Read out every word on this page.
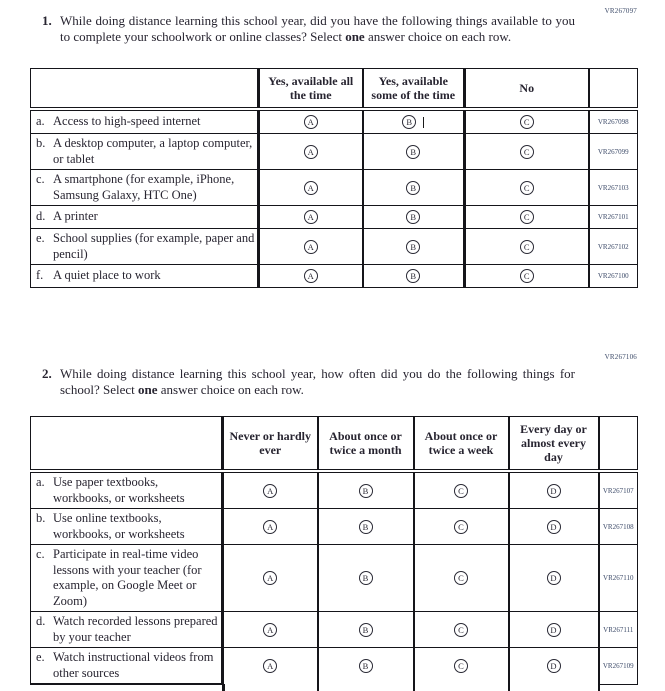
VR267097
1. While doing distance learning this school year, did you have the following things available to you to complete your schoolwork or online classes? Select one answer choice on each row.
	Yes, available all the time	Yes, available some of the time	No	

a. Access to high-speed internet	A	B	C	VR267098

b. A desktop computer, a laptop computer, or tablet	A	B	C	VR267099

c. A smartphone (for example, iPhone, Samsung Galaxy, HTC One)	A	B	C	VR267103

d. A printer	A	B	C	VR267101

e. School supplies (for example, paper and pencil)	A	B	C	VR267102

f. A quiet place to work	A	B	C	VR267100
VR267106
2. While doing distance learning this school year, how often did you do the following things for school? Select one answer choice on each row.
	Never or hardly ever	About once or twice a month	About once or twice a week	Every day or almost every day	

a. Use paper textbooks, workbooks, or worksheets	A	B	C	D	VR267107

b. Use online textbooks, workbooks, or worksheets	A	B	C	D	VR267108

c. Participate in real-time video lessons with your teacher (for example, on Google Meet or Zoom)	A	B	C	D	VR267110

d. Watch recorded lessons prepared by your teacher	A	B	C	D	VR267111

e. Watch instructional videos from other sources	A	B	C	D	VR267109
